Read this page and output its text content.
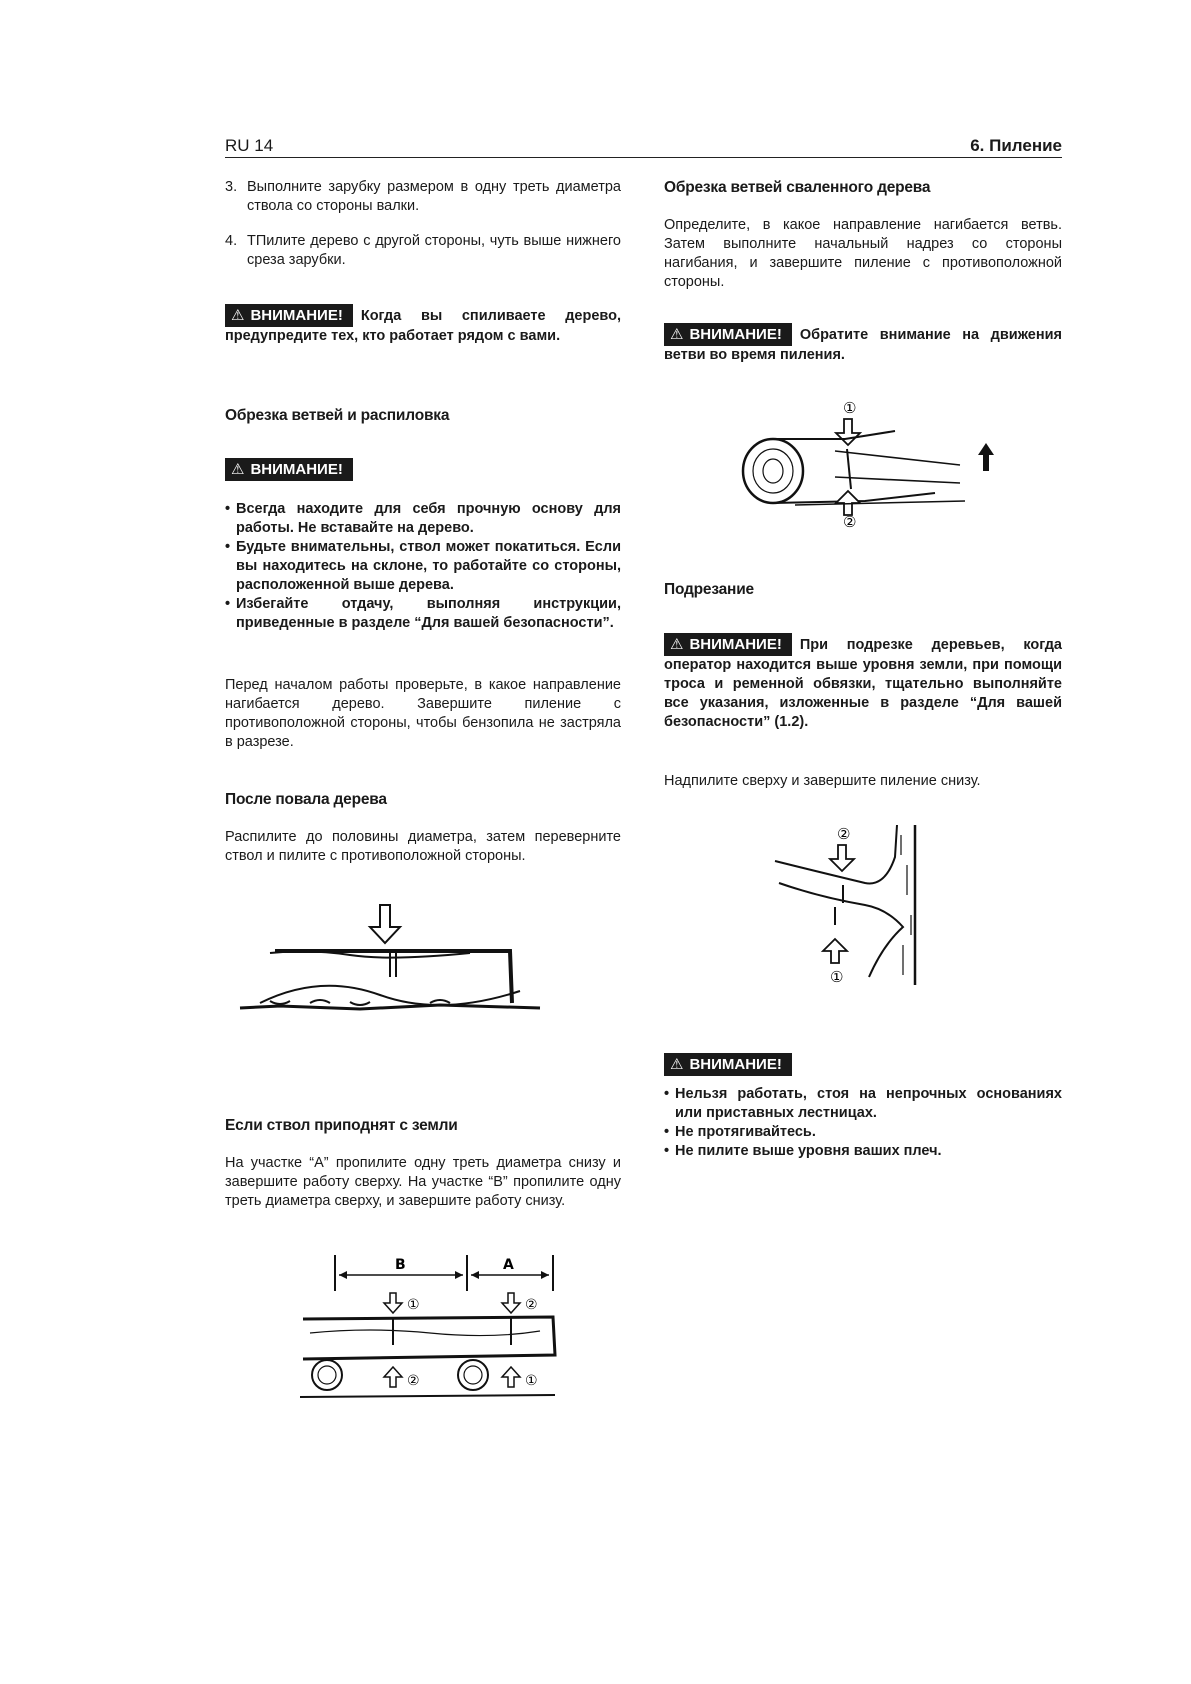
RU 14	6. Пиление
3. Выполните зарубку размером в одну треть диаметра ствола со стороны валки.
4. ТПилите дерево с другой стороны, чуть выше нижнего среза зарубки.

⚠ ВНИМАНИЕ! Когда вы спиливаете дерево, предупредите тех, кто работает рядом с вами.

Обрезка ветвей и распиловка
⚠ ВНИМАНИЕ!
• Всегда находите для себя прочную основу для работы. Не вставайте на дерево.
• Будьте внимательны, ствол может покатиться. Если вы находитесь на склоне, то работайте со стороны, расположенной выше дерева.
• Избегайте отдачу, выполняя инструкции, приведенные в разделе “Для вашей безопасности”.
Перед началом работы проверьте, в какое направление нагибается дерево. Завершите пиление с противоположной стороны, чтобы бензопила не застряла в разрезе.
После повала дерева
Распилите до половины диаметра, затем переверните ствол и пилите с противоположной стороны.
Если ствол приподнят с земли
На участке “А” пропилите одну треть диаметра снизу и завершите работу сверху. На участке “B” пропилите одну треть диаметра сверху, и завершите работу снизу.
B	A
①	②
②	①
Обрезка ветвей сваленного дерева
Определите, в какое направление нагибается ветвь. Затем выполните начальный надрез со стороны нагибания, и завершите пиление с противоположной стороны.
⚠ ВНИМАНИЕ! Обратите внимание на движения ветви во время пиления.
①
②
Подрезание
⚠ ВНИМАНИЕ! При подрезке деревьев, когда оператор находится выше уровня земли, при помощи троса и ременной обвязки, тщательно выполняйте все указания, изложенные в разделе “Для вашей безопасности” (1.2).
Надпилите сверху и завершите пиление снизу.
②
①
⚠ ВНИМАНИЕ!
• Нельзя работать, стоя на непрочных основаниях или приставных лестницах.
• Не протягивайтесь.
• Не пилите выше уровня ваших плеч.
